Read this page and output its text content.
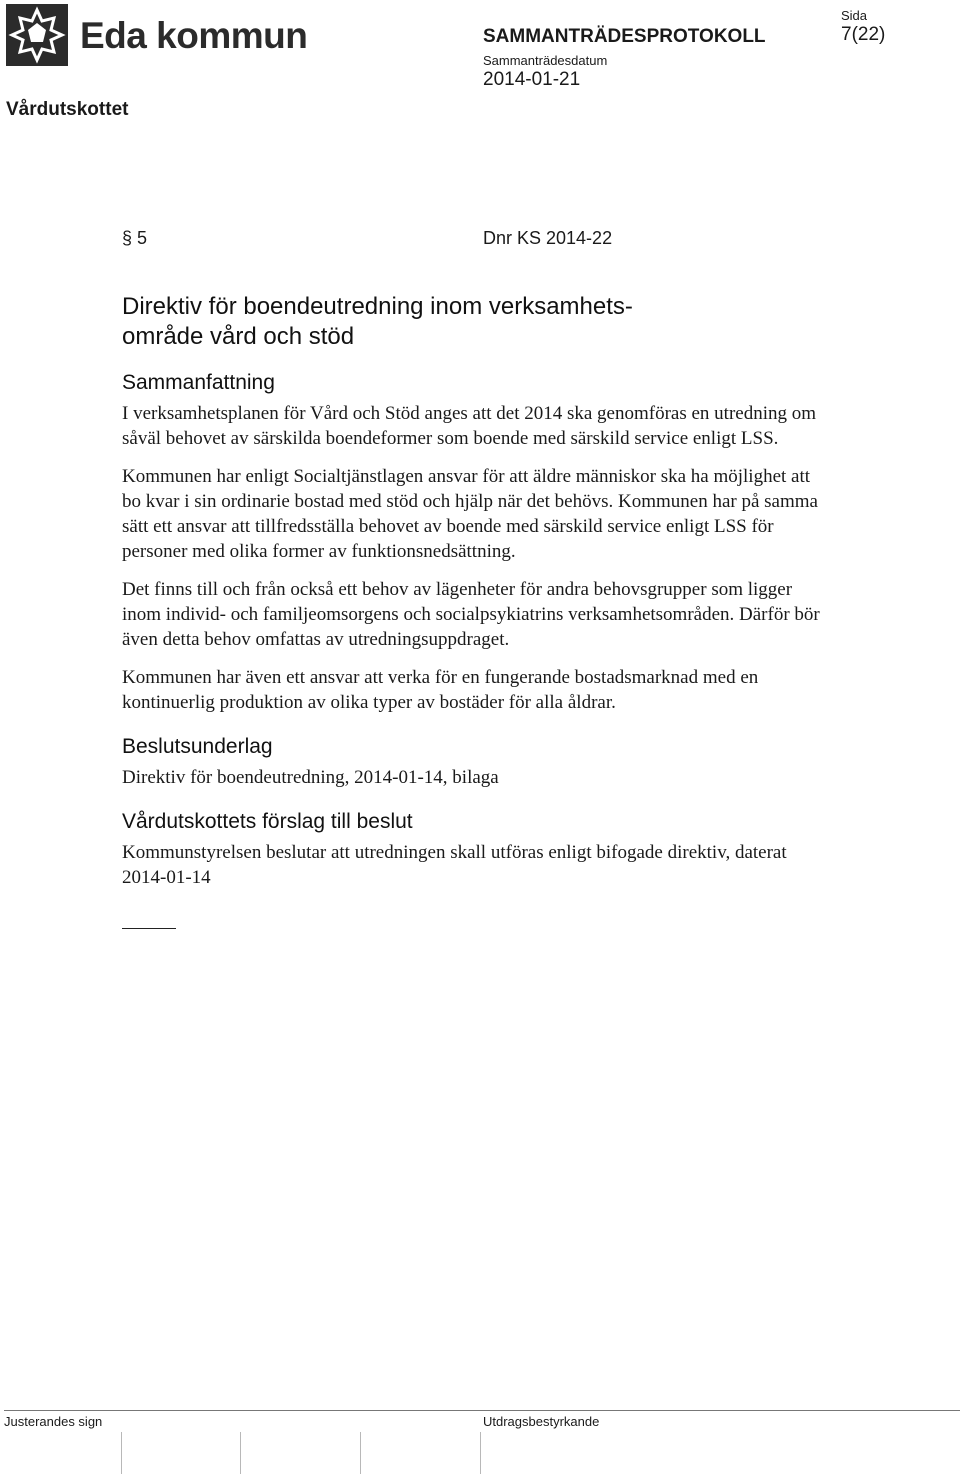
Eda kommun
Vårdutskottet
SAMMANTRÄDESPROTOKOLL
Sammanträdesdatum
2014-01-21
Sida
7(22)
§ 5	Dnr KS 2014-22
Direktiv för boendeutredning inom verksamhets-
område vård och stöd
Sammanfattning

I verksamhetsplanen för Vård och Stöd anges att det 2014 ska genomföras en utredning om såväl behovet av särskilda boendeformer som boende med särskild service enligt LSS.

Kommunen har enligt Socialtjänstlagen ansvar för att äldre människor ska ha möjlighet att bo kvar i sin ordinarie bostad med stöd och hjälp när det behövs. Kommunen har på samma sätt ett ansvar att tillfredsställa behovet av boende med särskild service enligt LSS för personer med olika former av funktionsnedsättning.

Det finns till och från också ett behov av lägenheter för andra behovsgrupper som ligger inom individ- och familjeomsorgens och socialpsykiatrins verksamhetsområden. Därför bör även detta behov omfattas av utredningsuppdraget.

Kommunen har även ett ansvar att verka för en fungerande bostadsmarknad med en kontinuerlig produktion av olika typer av bostäder för alla åldrar.

Beslutsunderlag

Direktiv för boendeutredning, 2014-01-14, bilaga

Vårdutskottets förslag till beslut

Kommunstyrelsen beslutar att utredningen skall utföras enligt bifogade direktiv, daterat 2014-01-14

Justerandes sign	Utdragsbestyrkande
